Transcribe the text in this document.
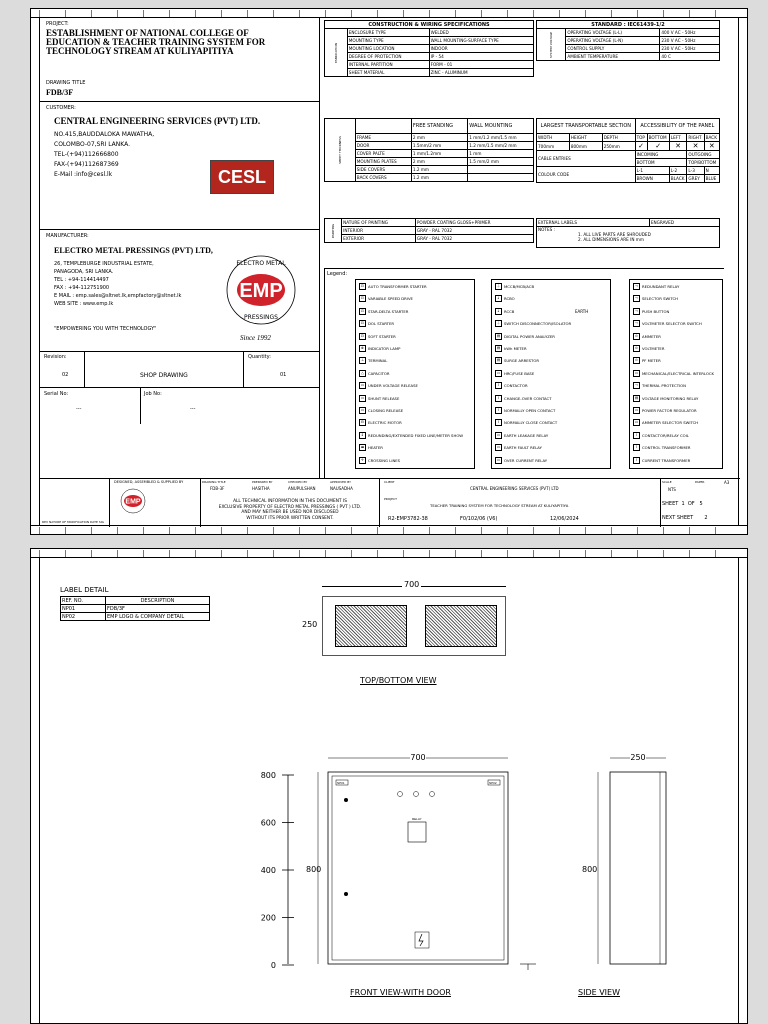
PROJECT:
ESTABLISHMENT OF NATIONAL COLLEGE OF
EDUCATION & TEACHER TRAINING SYSTEM FOR
TECHNOLOGY STREAM AT KULIYAPITIYA
DRAWING TITLE
FDB/3F
CUSTOMER:
CENTRAL ENGINEERING SERVICES (PVT) LTD.
NO.415,BAUDDALOKA MAWATHA,
COLOMBO-07,SRI LANKA.
TEL-(+94)112666800
FAX-(+94)112687369
E-Mail :info@cesl.lk	CESL
MANUFACTURER:
ELECTRO METAL PRESSINGS (PVT) LTD,
26, TEMPLEBURGE INDUSTRIAL ESTATE,
PANAGODA, SRI LANKA.
TEL : +94-114414497
FAX : +94-112751900
E MAIL : emp.sales@sltnet.lk,empfactory@sltnet.lk
WEB SITE : www.emp.lk
"EMPOWERING YOU WITH TECHNOLOGY"
EMP
ELECTRO METAL
PRESSINGS
Since 1992
Revision:
02	SHOP DRAWING
Quantity:
01
Serial No:
---
Job No:
---
CONSTRUCTION & WIRING SPECIFICATIONS		
FABRICATION	ENCLOSURE TYPE	WELDED
	MOUNTING TYPE	WALL MOUNTING-SURFACE TYPE
	MOUNTING LOCATION	INDOOR
	DEGREE OF PROTECTION	IP - 54
	INTERNAL PARTITION	FORM - 01
	SHEET MATERIAL	ZINC - ALUMINUM
STANDARD : IEC61439-1/2		
SYSTEM VOLTAGE	OPERATING VOLTAGE (L-L)	400 V AC - 50Hz
	OPERATING VOLTAGE (L-N)	230 V AC - 50Hz
	CONTROL SUPPLY	230 V AC - 50Hz
	AMBIENT TEMPERATURE	40 C
SHEET THICKNESS		FREE STANDING	WALL MOUNTING
	FRAME	2 mm	1 mm/1.2 mm/1.5 mm
	DOOR	1.5mm/2 mm	1.2 mm/1.5 mm/2 mm
	COVER PALTE	1 mm/1.2mm	1 mm
	MOUNTING PLATES	2 mm	1.5 mm/2 mm
	SIDE COVERS	1.2 mm	
	BACK COVERS	1.2 mm	
LARGEST TRANSPORTABLE SECTION			ACCESSIBILITY OF THE PANEL				
WIDTH	HEIGHT	DEPTH	TOP	BOTTOM	LEFT	RIGHT	BACK
700mm	800mm	250mm	✓	✓	✕	✕	✕
CABLE ENTRIES			INCOMING			OUTGOING	
			BOTTOM			TOP/BOTTOM	
COLOUR CODE			L-1		L-2	L-3	N
			BROWN		BLACK	GREY	BLUE
PAINTING	NATURE OF PAINTING	POWDER COATING GLOSS+PRIMER
	INTERIOR	GRAY - RAL 7032
	EXTERIOR	GRAY - RAL 7032
EXTERNAL LABELS	ENGRAVED
NOTES :
1. ALL LIVE PARTS ARE SHROUDED
2. ALL DIMENSIONS ARE IN mm
Legend:
⊡	AUTO TRANSFORMER STARTER
⊡	VARIABLE SPEED DRIVE
⊡	STAR-DELTA STARTER
⊡	DOL STARTER
⊡	SOFT STARTER
⊗	INDICATOR LAMP
⊥	TERMINAL
△	CAPACITOR
▭	UNDER VOLTAGE RELEASE
▭	SHUNT RELEASE
▭	CLOSING RELEASE
⊟	ELECTRIC MOTOR
↕	REDUNDING/EXTENDED FIXED LINE/METER SHOW
▬	HEATER
✛	CROSSING LINES
⏚ MCCB/MCB/ACB
↓	RCBO
↓	RCCB
⏚ SWITCH DISCONNECTOR/ISOLATOR
▤	DIGITAL POWER ANALYZER
▤	kWh METER
▤	SURGE ARRESTOR
▭	HRC/FUSE BASE
⌇	CONTACTOR
⌇	CHANGE-OVER CONTACT
⌇	NORMALLY OPEN CONTACT
⌇	NORMALLY CLOSE CONTACT
▭	EARTH LEAKAGE RELAY
▭	EARTH FAULT RELAY
▭	OVER CURRENT RELAY
⊸	REDUNDANT RELAY
⊸	SELECTOR SWITCH
⊸	PUSH BUTTON
⊸	VOLTMETER SELECTOR SWITCH
⊙	AMMETER
⊙	VOLTMETER
⊙	PF METER
▭	MECHANICAL/ELECTRICAL INTERLOCK
⊸	THERMAL PROTECTION
▤	VOLTAGE MONITORING RELAY
▭	POWER FACTOR REGULATOR
▭	AMMETER SELECTOR SWITCH
⌇	CONTACTOR/RELAY COIL
⌇	CONTROL TRANSFORMER
⌇	CURRENT TRANSFORMER
EARTH
REV NATURE OF MODIFICATION DATE SIG
DESIGNED, ASSEMBLED & SUPPLIED BY
EMP
DRAWING TITLE
FDB-3F
PREPARED BY
HASITHA
CHECKED BY
ANUPULSHAN
APPROVED BY
NAUSADHA
ALL TECHNICAL INFORMATION IN THIS DOCUMENT IS
EXCLUSIVE PROPERTY OF ELECTRO METAL PRESSINGS ( PVT ) LTD.
AND MAY NEITHER BE USED NOR DISCLOSED
WITHOUT ITS PRIOR WRITTEN CONSENT.
CLIENT
CENTRAL ENGINEERING SERVICES (PVT) LTD
PROJECT
TEACHER TRAINING SYSTEM FOR TECHNOLOGY STREAM AT KULIYAPITIYA
R2-EMP3782-38	F0/102/06 (V6)	12/06/2024
SCALE
NTS
PAPER	A3
SHEET 1 OF 5
NEXT SHEET 2
LABEL DETAIL
REF. NO.	DESCRIPTION
NP01	FDB/3F
NP02	EMP LOGO & COMPANY DETAIL
700
250
TOP/BOTTOM VIEW
NP01	NP02
RELAY
700
800
250
800
800
600
400
200
0
FRONT VIEW-WITH DOOR	SIDE VIEW
